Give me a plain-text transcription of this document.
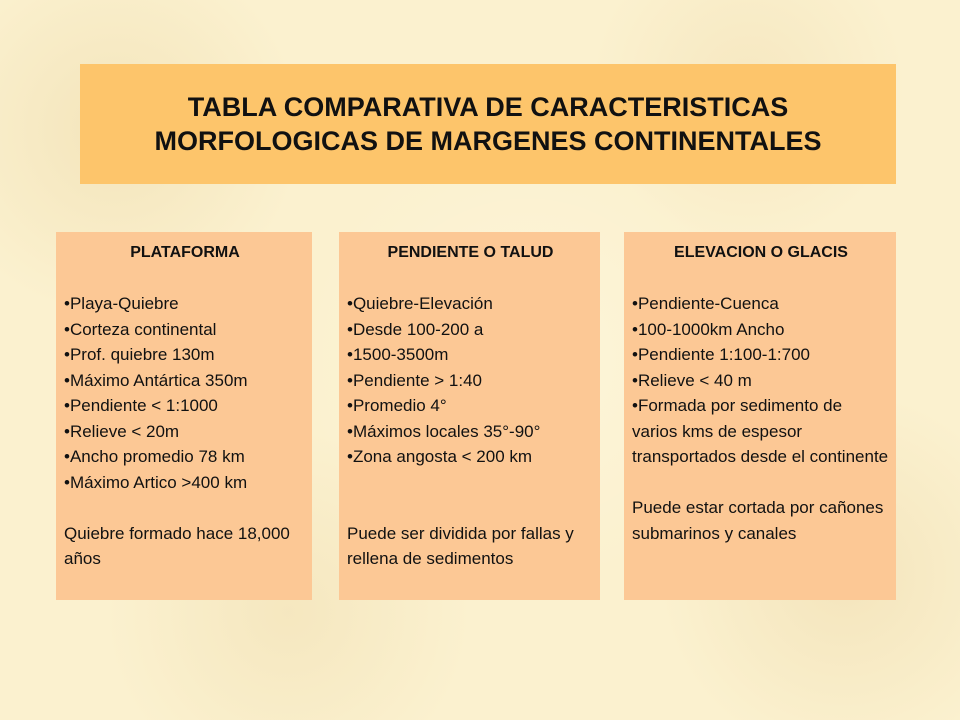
TABLA COMPARATIVA DE CARACTERISTICAS
MORFOLOGICAS DE MARGENES CONTINENTALES

PLATAFORMA

•Playa-Quiebre
•Corteza continental
•Prof. quiebre 130m
•Máximo Antártica 350m
•Pendiente < 1:1000
•Relieve < 20m
•Ancho promedio 78 km
•Máximo Artico >400 km

Quiebre formado hace 18,000 años

PENDIENTE O TALUD

•Quiebre-Elevación
•Desde 100-200 a
•1500-3500m
•Pendiente > 1:40
•Promedio 4°
•Máximos locales 35°-90°
•Zona angosta < 200 km

Puede ser dividida por fallas y rellena de sedimentos

ELEVACION O GLACIS

•Pendiente-Cuenca
•100-1000km Ancho
•Pendiente 1:100-1:700
•Relieve < 40 m
•Formada por sedimento de varios kms de espesor transportados desde el continente

Puede estar cortada por cañones submarinos y canales
